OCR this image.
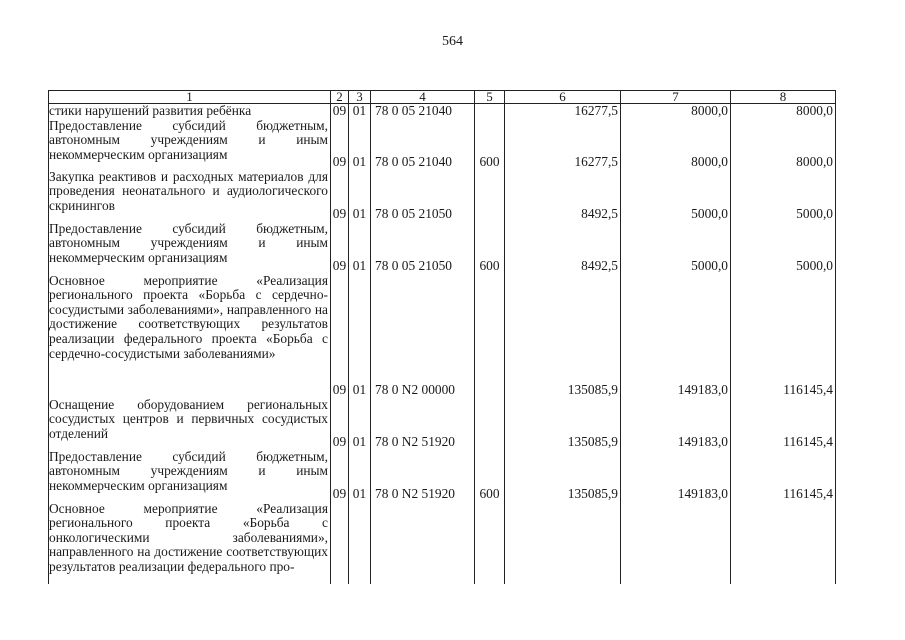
564
1	2	3	4	5	6	7	8
стики нарушений развития ребёнка	09	01	78 0 05 21040		16277,5	8000,0	8000,0
Предоставление субсидий бюджетным, автономным учреждениям и иным некоммерческим организациям	09	01	78 0 05 21040	600	16277,5	8000,0	8000,0
Закупка реактивов и расходных материалов для проведения неонатального и аудиологического скринингов	09	01	78 0 05 21050		8492,5	5000,0	5000,0
Предоставление субсидий бюджетным, автономным учреждениям и иным некоммерческим организациям	09	01	78 0 05 21050	600	8492,5	5000,0	5000,0
Основное мероприятие «Реализация регионального проекта «Борьба с сердечно-сосудистыми заболеваниями», направленного на достижение соответствующих результатов реализации федерального проекта «Борьба с сердечно-сосудистыми заболеваниями»	09	01	78 0 N2 00000		135085,9	149183,0	116145,4
Оснащение оборудованием региональных сосудистых центров и первичных сосудистых отделений	09	01	78 0 N2 51920		135085,9	149183,0	116145,4
Предоставление субсидий бюджетным, автономным учреждениям и иным некоммерческим организациям	09	01	78 0 N2 51920	600	135085,9	149183,0	116145,4
Основное мероприятие «Реализация регионального проекта «Борьба с онкологическими заболеваниями», направленного на достижение соответствующих результатов реализации федерального про-							
